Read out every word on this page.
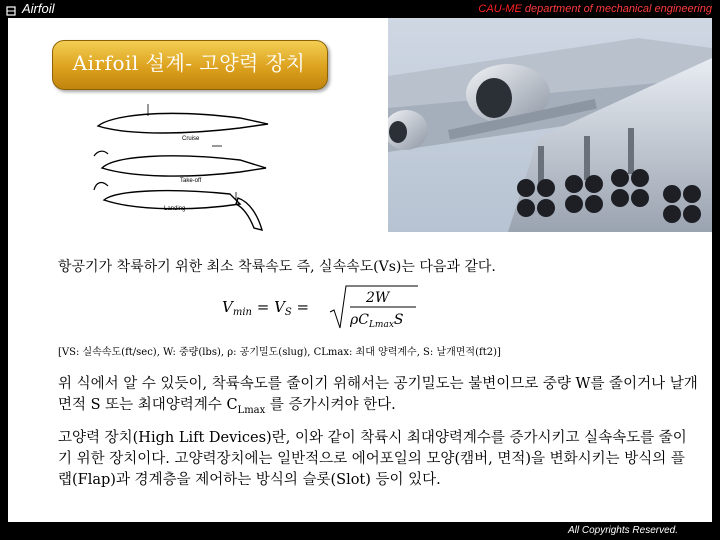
Airfoil	CAU-ME department of mechanical engineering
All Copyrights Reserved.
Airfoil 설계- 고양력 장치
Cruise
Take-off
Landing
항공기가 착륙하기 위한 최소 착륙속도 즉, 실속속도(Vs)는 다음과 같다.
$V_{min} = V_S$ =	2W
$\rho C_{Lmax}S$
[VS: 실속속도(ft/sec), W: 중량(lbs), ρ: 공기밀도(slug), CLmax: 최대 양력계수, S: 날개면적(ft2)]
위 식에서 알 수 있듯이, 착륙속도를 줄이기 위해서는 공기밀도는 불변이므로 중량 W를 줄이거나 날개면적 S 또는 최대양력계수 $C_{Lmax}$ 를 증가시켜야 한다.
고양력 장치(High Lift Devices)란, 이와 같이 착륙시 최대양력계수를 증가시키고 실속속도를 줄이기 위한 장치이다. 고양력장치에는 일반적으로 에어포일의 모양(캠버, 면적)을 변화시키는 방식의 플랩(Flap)과 경계층을 제어하는 방식의 슬롯(Slot) 등이 있다.
